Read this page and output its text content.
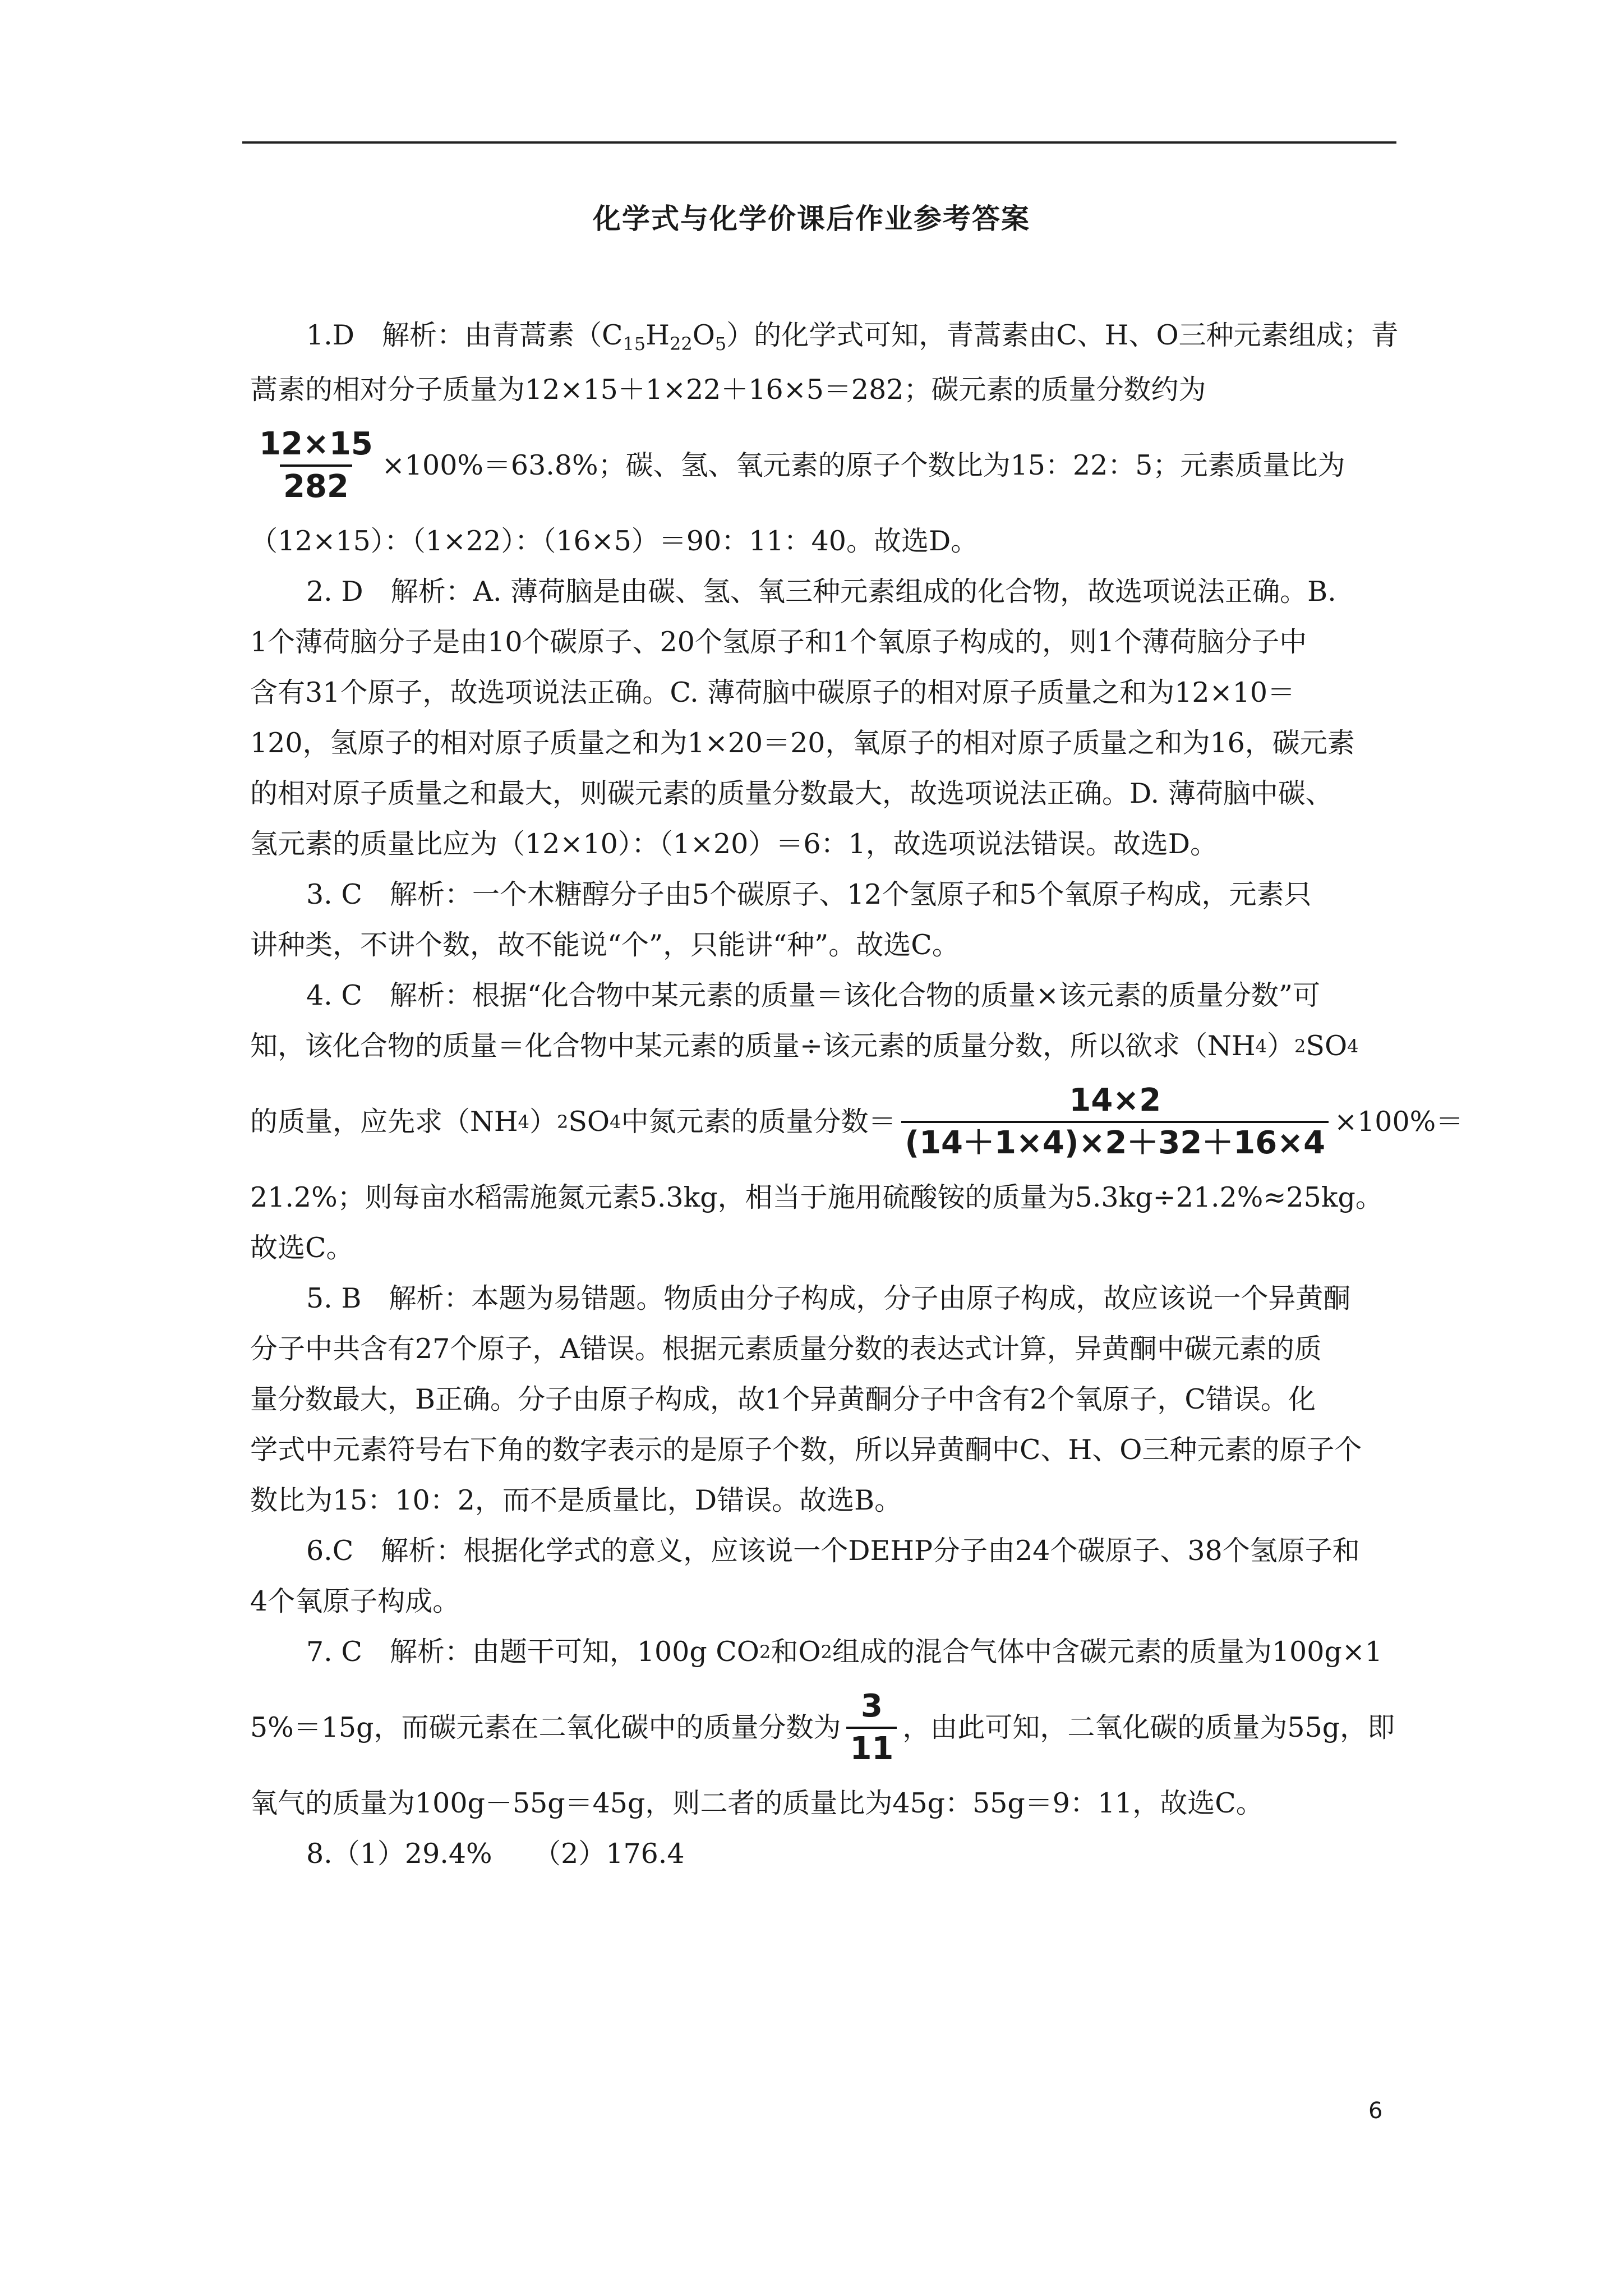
化学式与化学价课后作业参考答案
1.D　解析：由青蒿素$(C_{15}H_{22}O_5)$的化学式可知，青蒿素由C、H、O三种元素组成；青
蒿素的相对分子质量为12×15＋1×22＋16×5＝282；碳元素的质量分数约为
$\frac{12\times 15}{282} \times 100\%=63.8\%$；碳、氢、氧元素的原子个数比为15：22：5；元素质量比为
（12×15）：（1×22）：（16×5）＝90：11：40。故选D。
2. D　解析：A. 薄荷脑是由碳、氢、氧三种元素组成的化合物，故选项说法正确。B.
1个薄荷脑分子是由10个碳原子、20个氢原子和1个氧原子构成的，则1个薄荷脑分子中
含有31个原子，故选项说法正确。C. 薄荷脑中碳原子的相对原子质量之和为12×10＝
120，氢原子的相对原子质量之和为1×20＝20，氧原子的相对原子质量之和为16，碳元素
的相对原子质量之和最大，则碳元素的质量分数最大，故选项说法正确。D. 薄荷脑中碳、
氢元素的质量比应为（12×10）：（1×20）＝6：1，故选项说法错误。故选D。
3. C　解析：一个木糖醇分子由5个碳原子、12个氢原子和5个氧原子构成，元素只
讲种类，不讲个数，故不能说“个”，只能讲“种”。故选C。
4. C　解析：根据“化合物中某元素的质量＝该化合物的质量×该元素的质量分数”可
知，该化合物的质量＝化合物中某元素的质量÷该元素的质量分数，所以欲求（NH 4 ） 2 SO 4
的质量，应先求（NH 4 ） 2 SO 4 中氮元素的质量分数＝ $\frac{14\times 2}{(14+1\times 4)\times 2+32+16\times 4} \times 100\%=$
21.2%；则每亩水稻需施氮元素5.3kg，相当于施用硫酸铵的质量为5.3kg÷21.2%≈25kg。
故选C。
5. B　解析：本题为易错题。物质由分子构成，分子由原子构成，故应该说一个异黄酮
分子中共含有27个原子，A错误。根据元素质量分数的表达式计算，异黄酮中碳元素的质
量分数最大，B正确。分子由原子构成，故1个异黄酮分子中含有2个氧原子，C错误。化
学式中元素符号右下角的数字表示的是原子个数，所以异黄酮中C、H、O三种元素的原子个
数比为15：10：2，而不是质量比，D错误。故选B。
6.C　解析：根据化学式的意义，应该说一个DEHP分子由24个碳原子、38个氢原子和
4个氧原子构成。
7. C　解析：由题干可知，100g CO 2 和O 2 组成的混合气体中含碳元素的质量为100g×1
5%＝15g，而碳元素在二氧化碳中的质量分数为 $\frac{3}{11}$ ，由此可知，二氧化碳的质量为55g，即
氧气的质量为100g－55g＝45g，则二者的质量比为45g：55g＝9：11，故选C。
8.（1）29.4%　　（2）176.4
6
